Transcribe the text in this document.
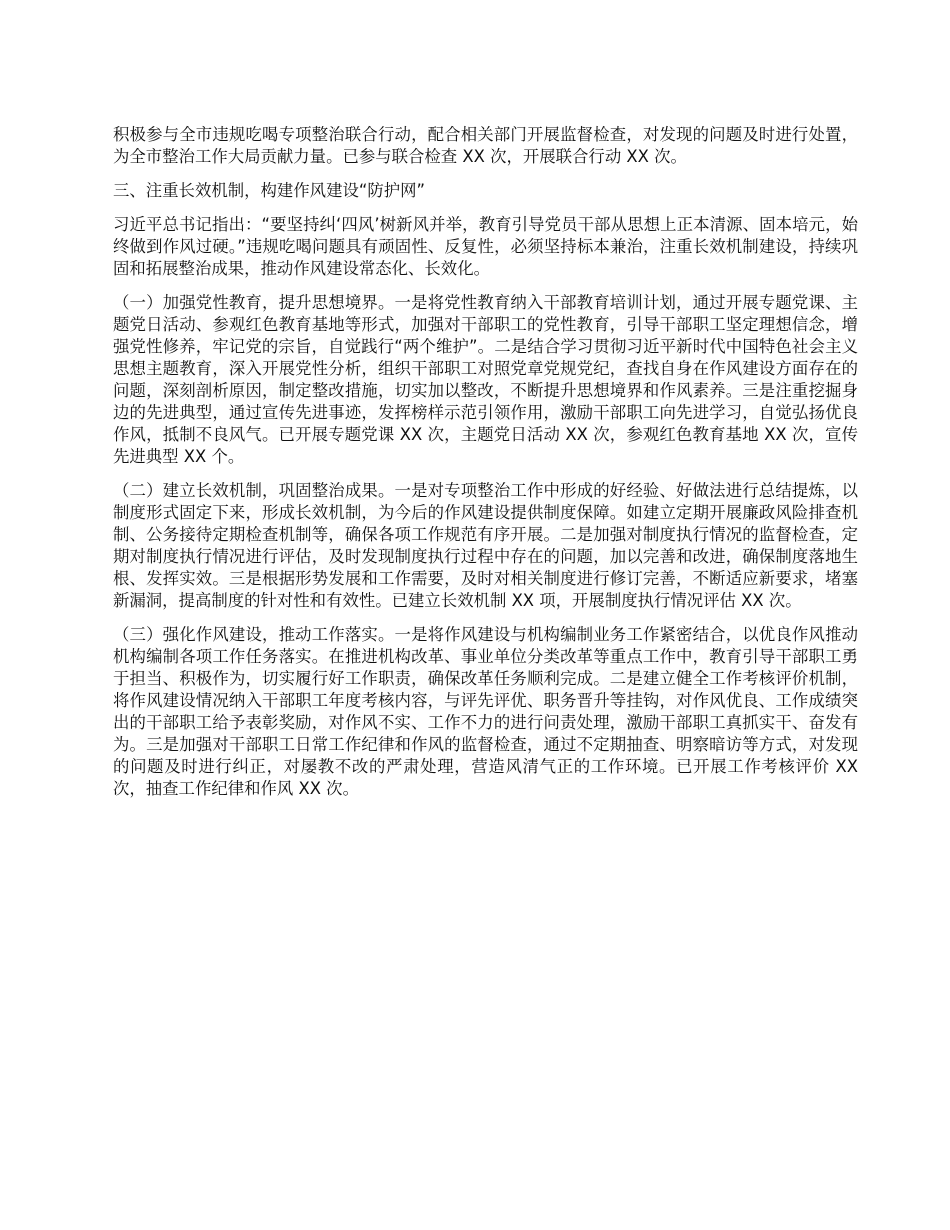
积极参与全市违规吃喝专项整治联合行动，配合相关部门开展监督检查，对发现的问题及时进行处置，为全市整治工作大局贡献力量。已参与联合检查 XX 次，开展联合行动 XX 次。

三、注重长效机制，构建作风建设“防护网”

习近平总书记指出：“要坚持纠‘四风’树新风并举，教育引导党员干部从思想上正本清源、固本培元，始终做到作风过硬。”违规吃喝问题具有顽固性、反复性，必须坚持标本兼治，注重长效机制建设，持续巩固和拓展整治成果，推动作风建设常态化、长效化。

（一）加强党性教育，提升思想境界。一是将党性教育纳入干部教育培训计划，通过开展专题党课、主题党日活动、参观红色教育基地等形式，加强对干部职工的党性教育，引导干部职工坚定理想信念，增强党性修养，牢记党的宗旨，自觉践行“两个维护”。二是结合学习贯彻习近平新时代中国特色社会主义思想主题教育，深入开展党性分析，组织干部职工对照党章党规党纪，查找自身在作风建设方面存在的问题，深刻剖析原因，制定整改措施，切实加以整改，不断提升思想境界和作风素养。三是注重挖掘身边的先进典型，通过宣传先进事迹，发挥榜样示范引领作用，激励干部职工向先进学习，自觉弘扬优良作风，抵制不良风气。已开展专题党课 XX 次，主题党日活动 XX 次，参观红色教育基地 XX 次，宣传先进典型 XX 个。

（二）建立长效机制，巩固整治成果。一是对专项整治工作中形成的好经验、好做法进行总结提炼，以制度形式固定下来，形成长效机制，为今后的作风建设提供制度保障。如建立定期开展廉政风险排查机制、公务接待定期检查机制等，确保各项工作规范有序开展。二是加强对制度执行情况的监督检查，定期对制度执行情况进行评估，及时发现制度执行过程中存在的问题，加以完善和改进，确保制度落地生根、发挥实效。三是根据形势发展和工作需要，及时对相关制度进行修订完善，不断适应新要求，堵塞新漏洞，提高制度的针对性和有效性。已建立长效机制 XX 项，开展制度执行情况评估 XX 次。

（三）强化作风建设，推动工作落实。一是将作风建设与机构编制业务工作紧密结合，以优良作风推动机构编制各项工作任务落实。在推进机构改革、事业单位分类改革等重点工作中，教育引导干部职工勇于担当、积极作为，切实履行好工作职责，确保改革任务顺利完成。二是建立健全工作考核评价机制，将作风建设情况纳入干部职工年度考核内容，与评先评优、职务晋升等挂钩，对作风优良、工作成绩突出的干部职工给予表彰奖励，对作风不实、工作不力的进行问责处理，激励干部职工真抓实干、奋发有为。三是加强对干部职工日常工作纪律和作风的监督检查，通过不定期抽查、明察暗访等方式，对发现的问题及时进行纠正，对屡教不改的严肃处理，营造风清气正的工作环境。已开展工作考核评价 XX 次，抽查工作纪律和作风 XX 次。
